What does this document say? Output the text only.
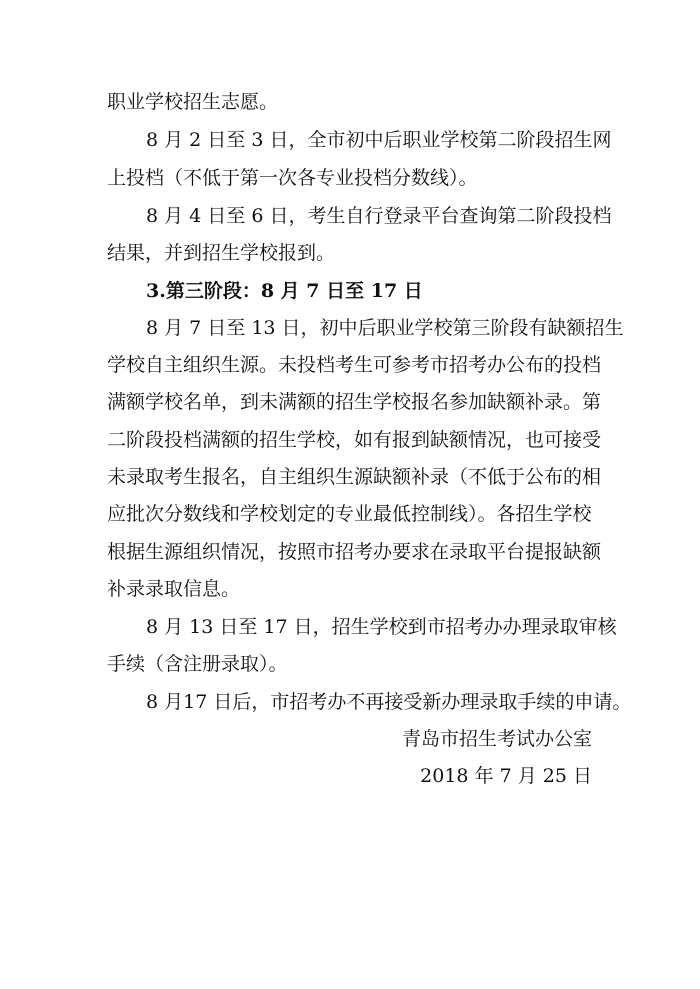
职业学校招生志愿。
8 月 2 日至 3 日，全市初中后职业学校第二阶段招生网
上投档（不低于第一次各专业投档分数线）。
8 月 4 日至 6 日，考生自行登录平台查询第二阶段投档
结果，并到招生学校报到。
3.第三阶段：8 月 7 日至 17 日
8 月 7 日至 13 日，初中后职业学校第三阶段有缺额招生
学校自主组织生源。未投档考生可参考市招考办公布的投档
满额学校名单，到未满额的招生学校报名参加缺额补录。第
二阶段投档满额的招生学校，如有报到缺额情况，也可接受
未录取考生报名，自主组织生源缺额补录（不低于公布的相
应批次分数线和学校划定的专业最低控制线）。各招生学校
根据生源组织情况，按照市招考办要求在录取平台提报缺额
补录录取信息。
8 月 13 日至 17 日，招生学校到市招考办办理录取审核
手续（含注册录取）。
8 月17 日后，市招考办不再接受新办理录取手续的申请。
青岛市招生考试办公室
2018 年 7 月 25 日
